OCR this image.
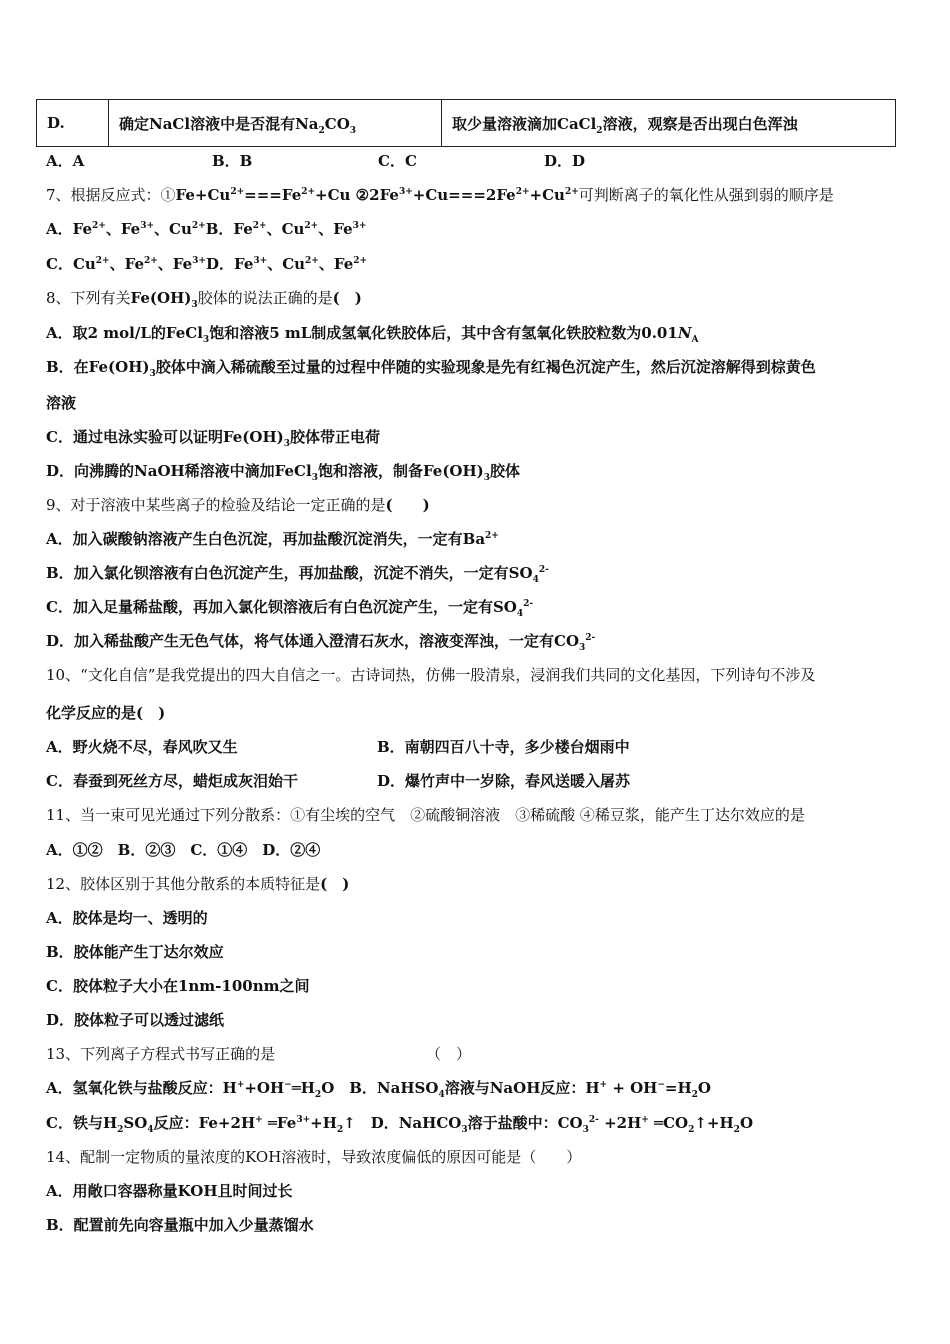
D.	确定NaCl溶液中是否混有$Na_2CO_3$	取少量溶液滴加CaCl$_2$溶液，观察是否出现白色浑浊
A．A	B．B	C．C	D．D
7、根据反应式：$①Fe+Cu^{2+}===Fe^{2+}+Cu$ $②2Fe^{3+}+Cu===2Fe^{2+}+Cu^{2+}$可判断离子的氧化性从强到弱的顺序是
A．$Fe^{2+}$、$Fe^{3+}$、$Cu^{2+}B$．$Fe^{2+}$、$Cu^{2+}$、$Fe^{3+}$
C．$Cu^{2+}$、$Fe^{2+}$、$Fe^{3+}D$．$Fe^{3+}$、$Cu^{2+}$、$Fe^{2+}$
8、下列有关$Fe(OH)_3$胶体的说法正确的是(　)
A．取2 mol/L的FeCl$_3$饱和溶液5 mL制成氢氧化铁胶体后，其中含有氢氧化铁胶粒数为$0.01N_A$
B．在$Fe(OH)_3$胶体中滴入稀硫酸至过量的过程中伴随的实验现象是先有红褐色沉淀产生，然后沉淀溶解得到棕黄色
溶液
C．通过电泳实验可以证明$Fe(OH)_3$胶体带正电荷
D．向沸腾的NaOH稀溶液中滴加FeCl$_3$饱和溶液，制备$Fe(OH)_3$胶体
9、对于溶液中某些离子的检验及结论一定正确的是(　　)
A．加入碳酸钠溶液产生白色沉淀，再加盐酸沉淀消失，一定有$Ba^{2+}$
B．加入氯化钡溶液有白色沉淀产生，再加盐酸，沉淀不消失，一定有$SO_4^{2-}$
C．加入足量稀盐酸，再加入氯化钡溶液后有白色沉淀产生，一定有$SO_4^{2-}$
D．加入稀盐酸产生无色气体，将气体通入澄清石灰水，溶液变浑浊，一定有$CO_3^{2-}$
10、“文化自信”是我党提出的四大自信之一。古诗词热，仿佛一股清泉，浸润我们共同的文化基因，下列诗句不涉及
化学反应的是(　)
A．野火烧不尽，春风吹又生	B．南朝四百八十寺，多少楼台烟雨中
C．春蚕到死丝方尽，蜡炬成灰泪始干	D．爆竹声中一岁除，春风送暖入屠苏
11、当一束可见光通过下列分散系：①有尘埃的空气　②硫酸铜溶液　③稀硫酸 ④稀豆浆，能产生丁达尔效应的是
A．①②　B．②③　C．①④　D．②④
12、胶体区别于其他分散系的本质特征是(　)
A．胶体是均一、透明的
B．胶体能产生丁达尔效应
C．胶体粒子大小在1nm-100nm之间
D．胶体粒子可以透过滤纸
13、下列离子方程式书写正确的是	（　）
A．氢氧化铁与盐酸反应：$H^++OH^-═H_2O$　B．NaHSO$_4$溶液与NaOH反应：$H^+ + OH^-=H_2O$
C．铁与$H_2SO_4$反应：Fe+2H+ $═Fe^{3+}+H_2↑$　D．NaHCO$_3$溶于盐酸中：$CO_3^{2-} +2H^+$ $═CO_2↑+H_2O$
14、配制一定物质的量浓度的KOH溶液时，导致浓度偏低的原因可能是（　　）
A．用敞口容器称量KOH且时间过长
B．配置前先向容量瓶中加入少量蒸馏水
